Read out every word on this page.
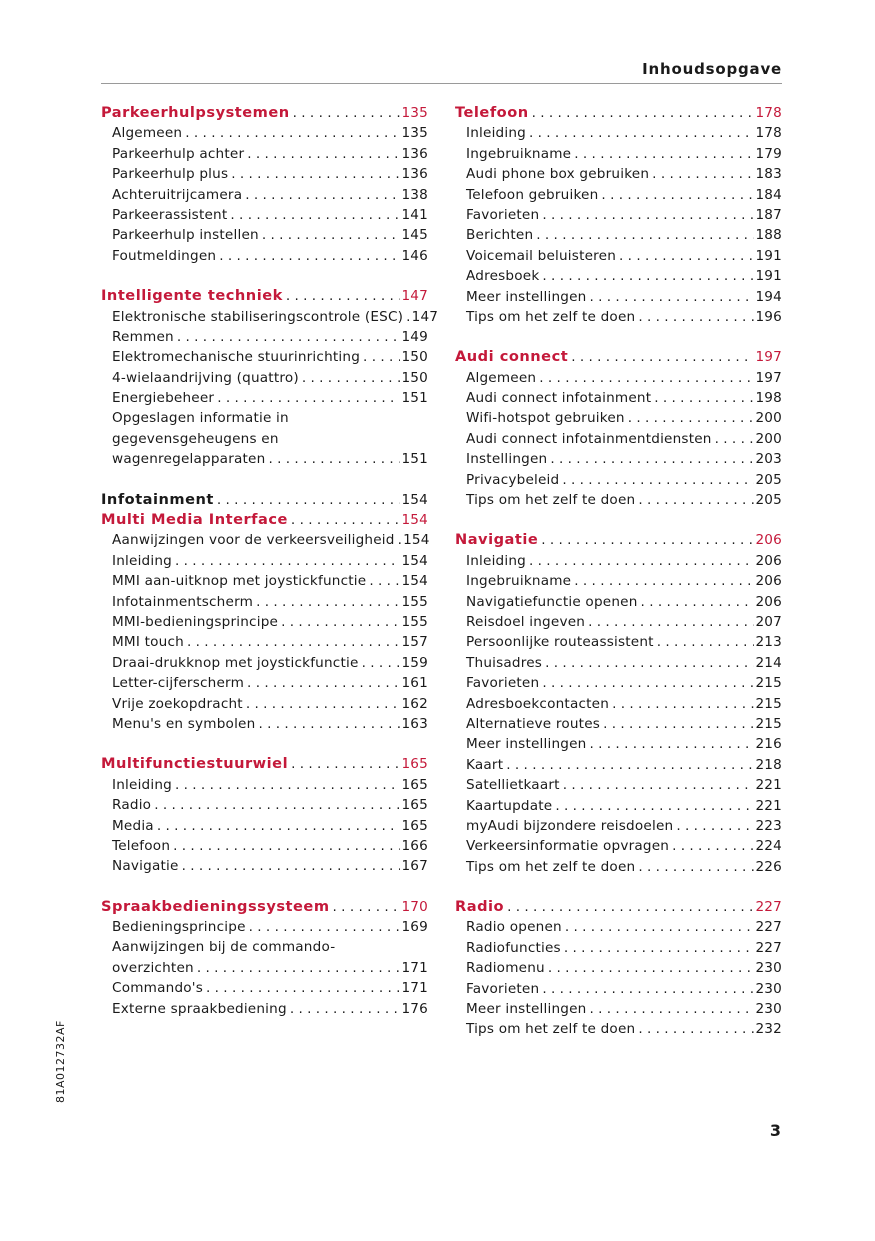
Inhoudsopgave
Parkeerhulpsystemen . . .	135
Algemeen . . .	135
Parkeerhulp achter . . .	136
Parkeerhulp plus . . .	136
Achteruitrijcamera . . .	138
Parkeerassistent . . .	141
Parkeerhulp instellen . . .	145
Foutmeldingen . . .	146
Intelligente techniek . . .	147
Elektronische stabiliseringscontrole (ESC) . . . 147
Remmen . . .	149
Elektromechanische stuurinrichting . . .	150
4-wielaandrijving (quattro) . . .	150
Energiebeheer . . .	151
Opgeslagen informatie in
gegevensgeheugens en
wagenregelapparaten . . .	151
Infotainment . . .	154
Multi Media Interface . . .	154
Aanwijzingen voor de verkeersveiligheid . . . 154
Inleiding . . .	154
MMI aan-uitknop met joystickfunctie . . .	154
Infotainmentscherm . . .	155
MMI-bedieningsprincipe . . .	155
MMI touch . . .	157
Draai-drukknop met joystickfunctie . . .	159
Letter-cijferscherm . . .	161
Vrije zoekopdracht . . .	162
Menu's en symbolen . . .	163
Multifunctiestuurwiel . . .	165
Inleiding . . .	165
Radio . . .	165
Media . . .	165
Telefoon . . .	166
Navigatie . . .	167
Spraakbedieningssysteem . . .	170
Bedieningsprincipe . . .	169
Aanwijzingen bij de commando-
overzichten . . .	171
Commando's . . .	171
Externe spraakbediening . . .	176
Telefoon . . .	178
Inleiding . . .	178
Ingebruikname . . .	179
Audi phone box gebruiken . . .	183
Telefoon gebruiken . . .	184
Favorieten . . .	187
Berichten . . .	188
Voicemail beluisteren . . .	191
Adresboek . . .	191
Meer instellingen . . .	194
Tips om het zelf te doen . . .	196
Audi connect . . .	197
Algemeen . . .	197
Audi connect infotainment . . .	198
Wifi-hotspot gebruiken . . .	200
Audi connect infotainmentdiensten . . .	200
Instellingen . . .	203
Privacybeleid . . .	205
Tips om het zelf te doen . . .	205
Navigatie . . .	206
Inleiding . . .	206
Ingebruikname . . .	206
Navigatiefunctie openen . . .	206
Reisdoel ingeven . . .	207
Persoonlijke routeassistent . . .	213
Thuisadres . . .	214
Favorieten . . .	215
Adresboekcontacten . . .	215
Alternatieve routes . . .	215
Meer instellingen . . .	216
Kaart . . .	218
Satellietkaart . . .	221
Kaartupdate . . .	221
myAudi bijzondere reisdoelen . . .	223
Verkeersinformatie opvragen . . .	224
Tips om het zelf te doen . . .	226
Radio . . .	227
Radio openen . . .	227
Radiofuncties . . .	227
Radiomenu . . .	230
Favorieten . . .	230
Meer instellingen . . .	230
Tips om het zelf te doen . . .	232
81A012732AF
3
